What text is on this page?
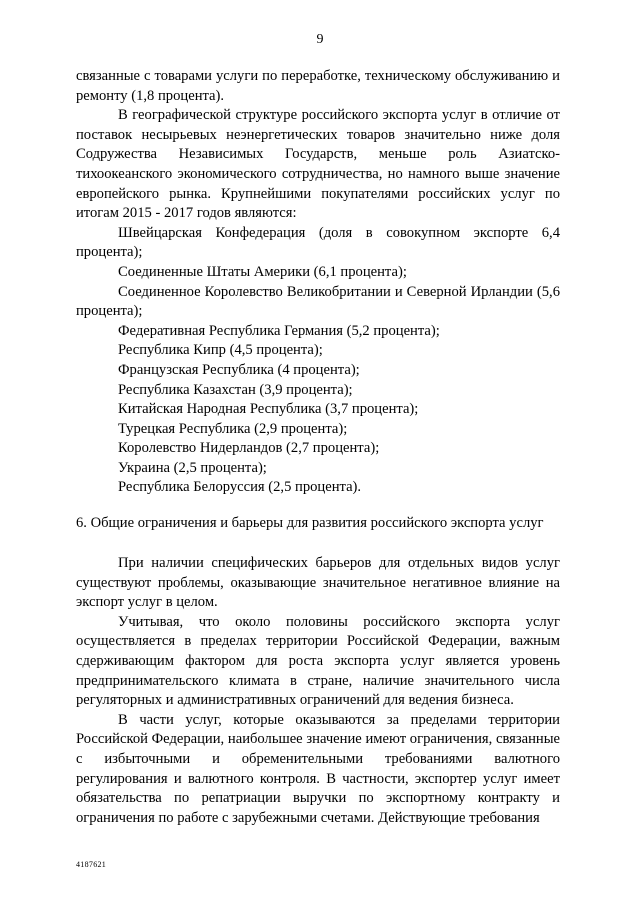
9

связанные с товарами услуги по переработке, техническому обслуживанию и ремонту (1,8 процента).

В географической структуре российского экспорта услуг в отличие от поставок несырьевых неэнергетических товаров значительно ниже доля Содружества Независимых Государств, меньше роль Азиатско-тихоокеанского экономического сотрудничества, но намного выше значение европейского рынка. Крупнейшими покупателями российских услуг по итогам 2015 - 2017 годов являются:

Швейцарская Конфедерация (доля в совокупном экспорте 6,4 процента);

Соединенные Штаты Америки (6,1 процента);

Соединенное Королевство Великобритании и Северной Ирландии (5,6 процента);

Федеративная Республика Германия (5,2 процента);

Республика Кипр (4,5 процента);

Французская Республика (4 процента);

Республика Казахстан (3,9 процента);

Китайская Народная Республика (3,7 процента);

Турецкая Республика (2,9 процента);

Королевство Нидерландов (2,7 процента);

Украина (2,5 процента);

Республика Белоруссия (2,5 процента).

6. Общие ограничения и барьеры для развития российского экспорта услуг

При наличии специфических барьеров для отдельных видов услуг существуют проблемы, оказывающие значительное негативное влияние на экспорт услуг в целом.

Учитывая, что около половины российского экспорта услуг осуществляется в пределах территории Российской Федерации, важным сдерживающим фактором для роста экспорта услуг является уровень предпринимательского климата в стране, наличие значительного числа регуляторных и административных ограничений для ведения бизнеса.

В части услуг, которые оказываются за пределами территории Российской Федерации, наибольшее значение имеют ограничения, связанные с избыточными и обременительными требованиями валютного регулирования и валютного контроля. В частности, экспортер услуг имеет обязательства по репатриации выручки по экспортному контракту и ограничения по работе с зарубежными счетами. Действующие требования

4187621
